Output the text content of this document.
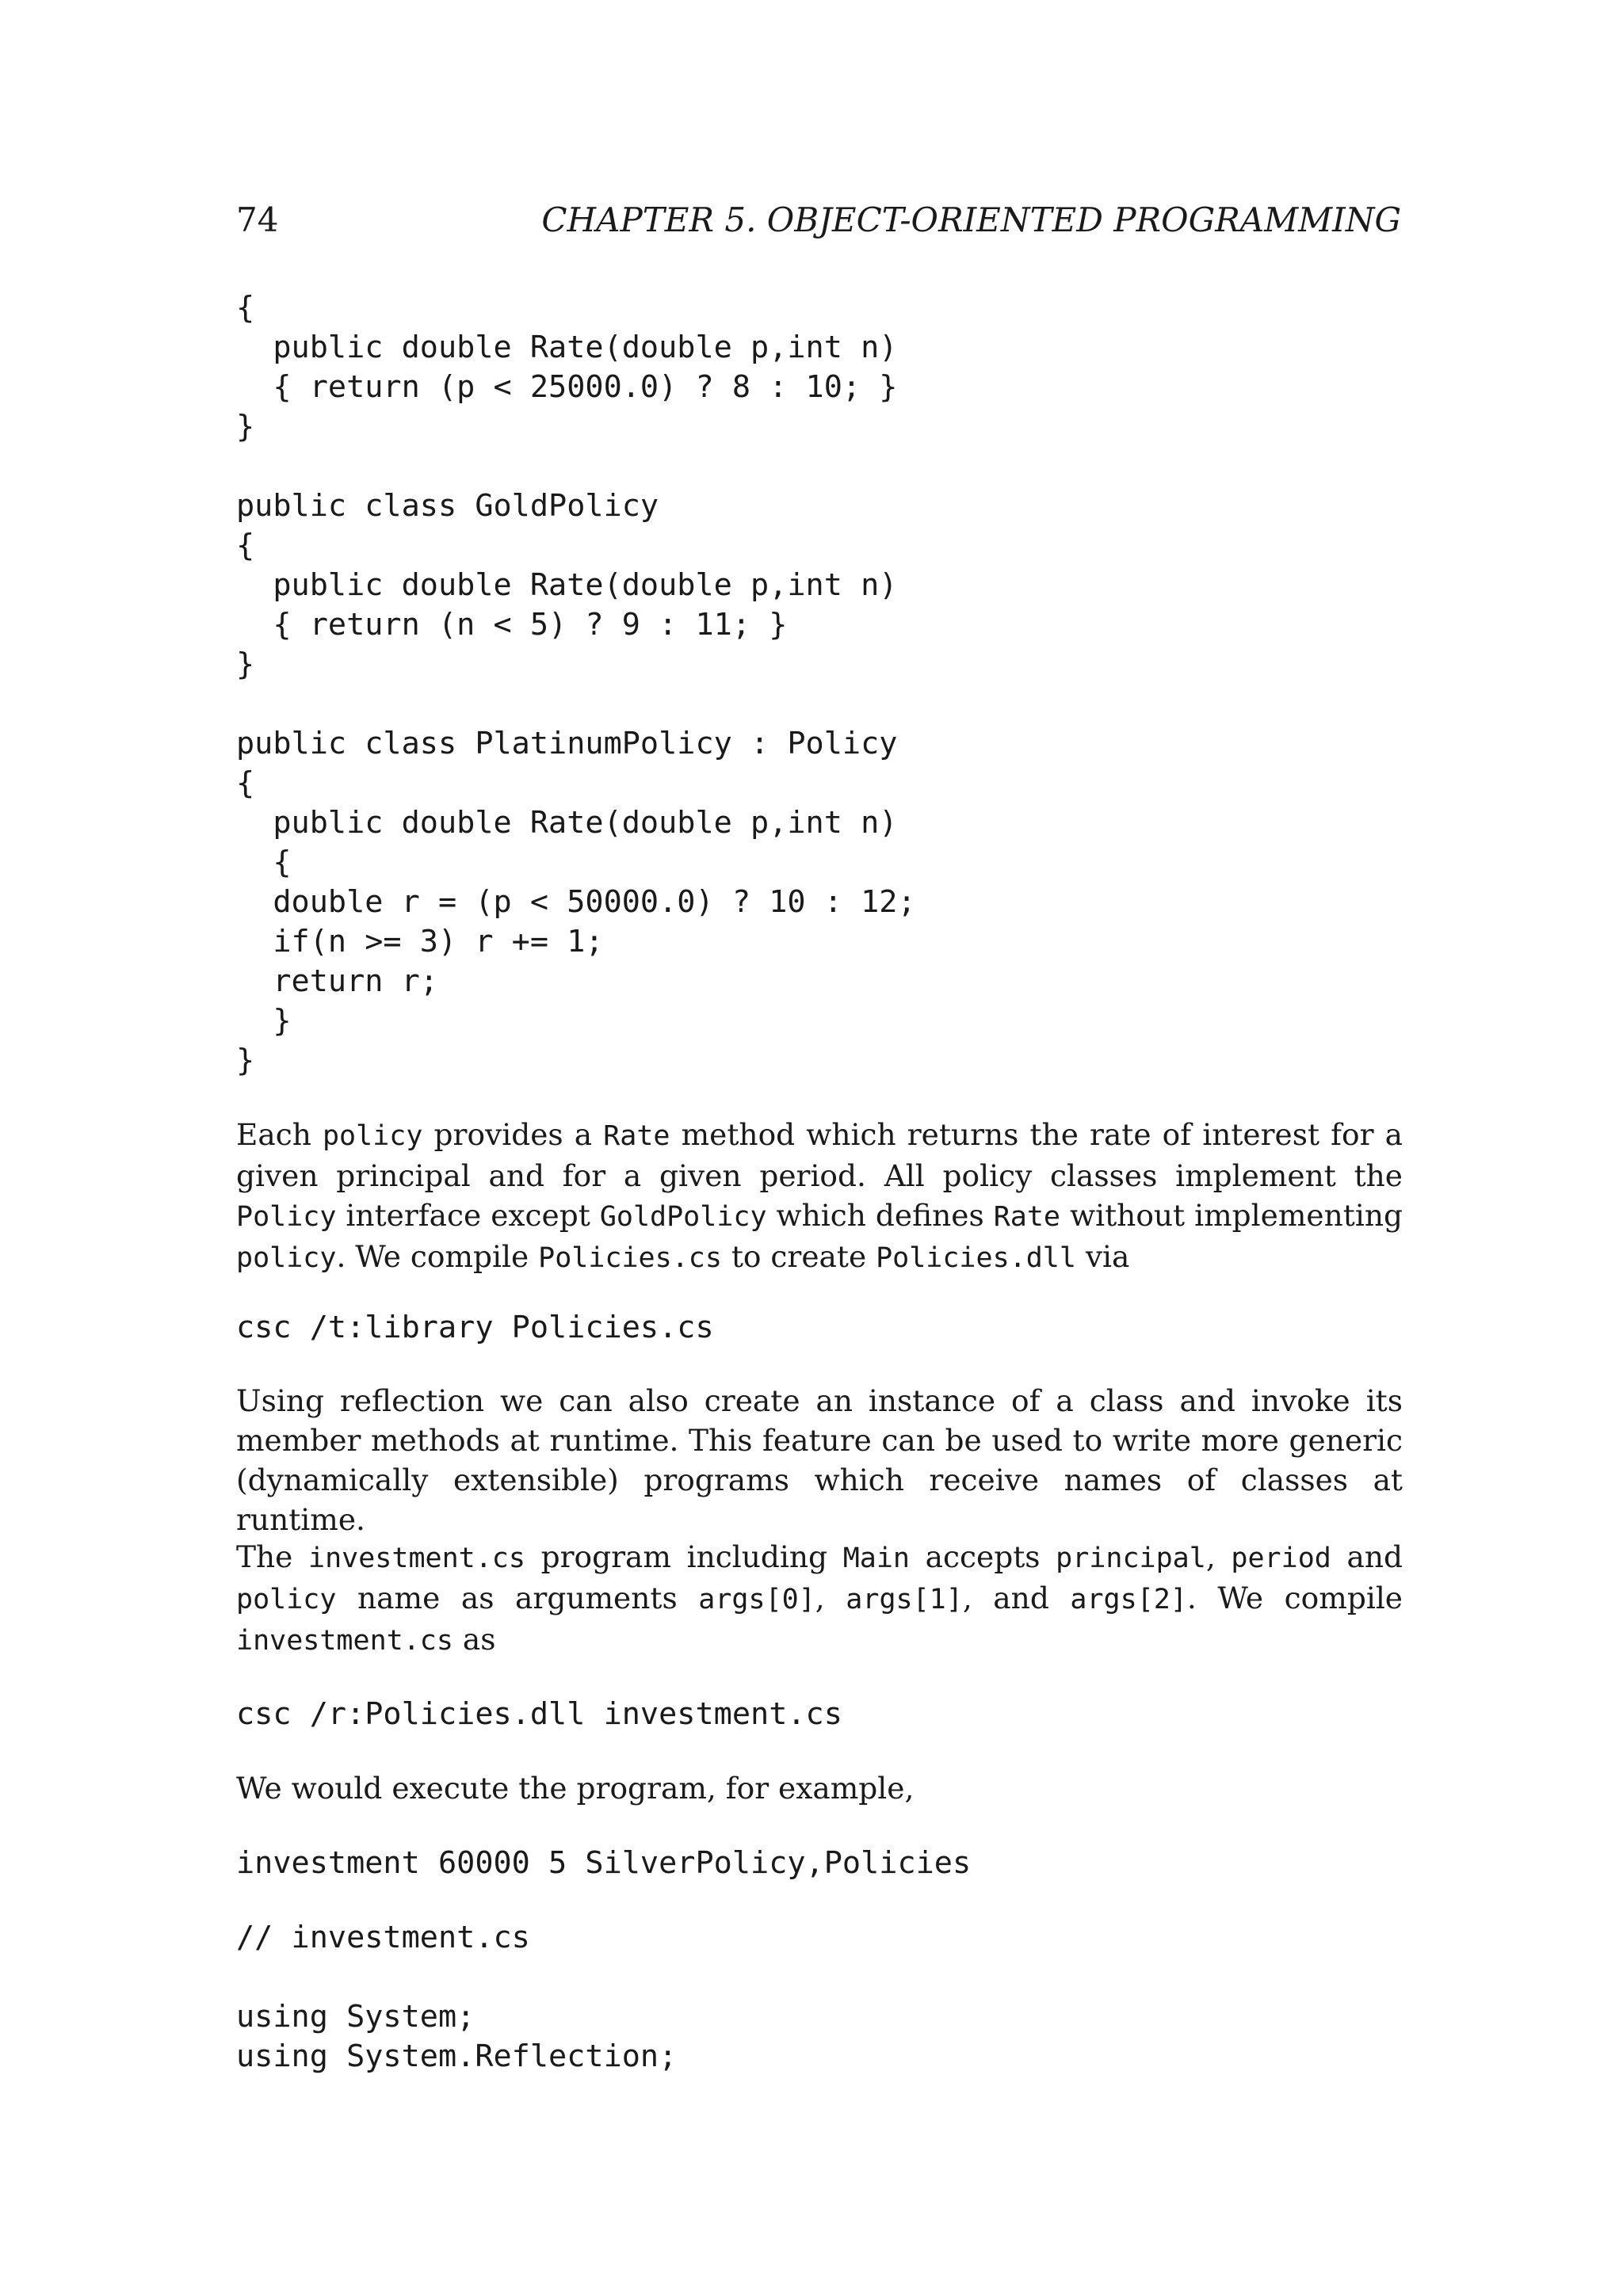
74	CHAPTER 5. OBJECT-ORIENTED PROGRAMMING
{
public double Rate(double p,int n)
{ return (p < 25000.0) ? 8 : 10; }
}

public class GoldPolicy
{
public double Rate(double p,int n)
{ return (n < 5) ? 9 : 11; }
}

public class PlatinumPolicy : Policy
{
public double Rate(double p,int n)
{
double r = (p < 50000.0) ? 10 : 12;
if(n >= 3) r += 1;
return r;
}
}

Each policy provides a Rate method which returns the rate of interest for a given principal and for a given period. All policy classes implement the Policy interface except GoldPolicy which defines Rate without implementing policy. We compile Policies.cs to create Policies.dll via

csc /t:library Policies.cs

Using reflection we can also create an instance of a class and invoke its member methods at runtime. This feature can be used to write more generic (dynamically extensible) programs which receive names of classes at runtime.

The investment.cs program including Main accepts principal, period and policy name as arguments args[0], args[1], and args[2]. We compile investment.cs as

csc /r:Policies.dll investment.cs

We would execute the program, for example,

investment 60000 5 SilverPolicy,Policies
// investment.cs
using System;
using System.Reflection;
